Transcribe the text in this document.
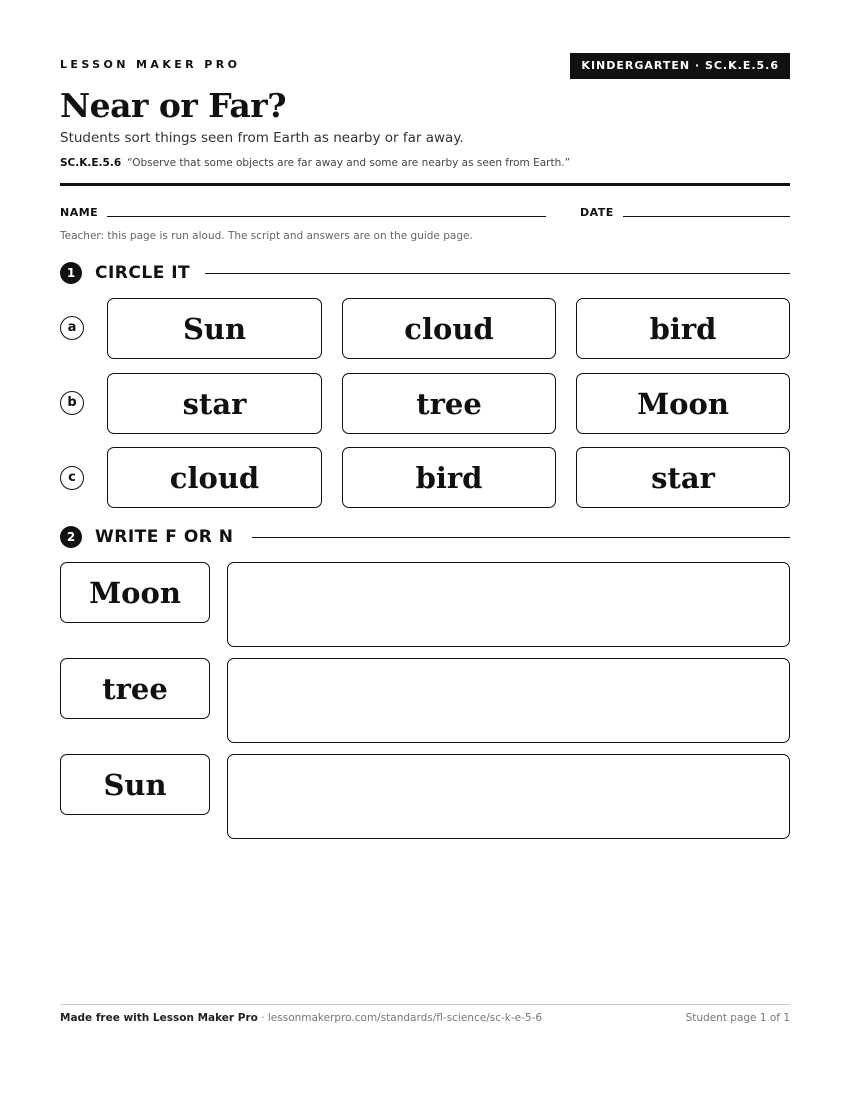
LESSON MAKER PRO	KINDERGARTEN · SC.K.E.5.6
Near or Far?
Students sort things seen from Earth as nearby or far away.
SC.K.E.5.6 “Observe that some objects are far away and some are nearby as seen from Earth.”
NAME	DATE
Teacher: this page is run aloud. The script and answers are on the guide page.
1	CIRCLE IT
a	Sun	cloud	bird
b	star	tree	Moon
c	cloud	bird	star
2	WRITE F OR N
Moon
tree
Sun
Made free with Lesson Maker Pro · lessonmakerpro.com/standards/fl-science/sc-k-e-5-6	Student page 1 of 1
